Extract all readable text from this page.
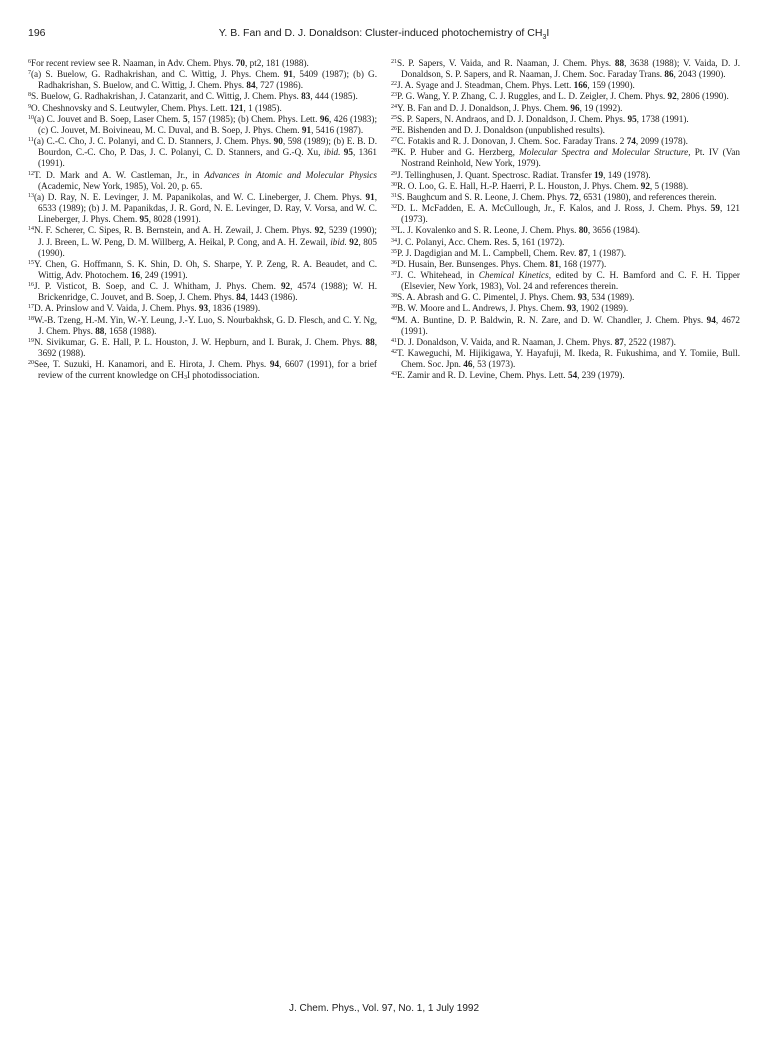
196	Y. B. Fan and D. J. Donaldson: Cluster-induced photochemistry of $CH_3I$

$^6$For recent review see R. Naaman, in Adv. Chem. Phys. 70, pt2, 181 (1988).

$^7$(a) S. Buelow, G. Radhakrishan, and C. Wittig, J. Phys. Chem. 91, 5409 (1987); (b) G. Radhakrishan, S. Buelow, and C. Wittig, J. Chem. Phys. 84, 727 (1986).

$^8$S. Buelow, G. Radhakrishan, J. Catanzarit, and C. Wittig, J. Chem. Phys. 83, 444 (1985).

$^9$O. Cheshnovsky and S. Leutwyler, Chem. Phys. Lett. 121, 1 (1985).

$^{10}$(a) C. Jouvet and B. Soep, Laser Chem. 5, 157 (1985); (b) Chem. Phys. Lett. 96, 426 (1983); (c) C. Jouvet, M. Boivineau, M. C. Duval, and B. Soep, J. Phys. Chem. 91, 5416 (1987).

$^{11}$(a) C.-C. Cho, J. C. Polanyi, and C. D. Stanners, J. Chem. Phys. 90, 598 (1989); (b) E. B. D. Bourdon, C.-C. Cho, P. Das, J. C. Polanyi, C. D. Stanners, and G.-Q. Xu, ibid. 95, 1361 (1991).

$^{12}$T. D. Mark and A. W. Castleman, Jr., in Advances in Atomic and Molecular Physics (Academic, New York, 1985), Vol. 20, p. 65.

$^{13}$(a) D. Ray, N. E. Levinger, J. M. Papanikolas, and W. C. Lineberger, J. Chem. Phys. 91, 6533 (1989); (b) J. M. Papanikdas, J. R. Gord, N. E. Levinger, D. Ray, V. Vorsa, and W. C. Lineberger, J. Phys. Chem. 95, 8028 (1991).

$^{14}$N. F. Scherer, C. Sipes, R. B. Bernstein, and A. H. Zewail, J. Chem. Phys. 92, 5239 (1990); J. J. Breen, L. W. Peng, D. M. Willberg, A. Heikal, P. Cong, and A. H. Zewail, ibid. 92, 805 (1990).

$^{15}$Y. Chen, G. Hoffmann, S. K. Shin, D. Oh, S. Sharpe, Y. P. Zeng, R. A. Beaudet, and C. Wittig, Adv. Photochem. 16, 249 (1991).

$^{16}$J. P. Visticot, B. Soep, and C. J. Whitham, J. Phys. Chem. 92, 4574 (1988); W. H. Brickenridge, C. Jouvet, and B. Soep, J. Chem. Phys. 84, 1443 (1986).

$^{17}$D. A. Prinslow and V. Vaida, J. Chem. Phys. 93, 1836 (1989).

$^{18}$W.-B. Tzeng, H.-M. Yin, W.-Y. Leung, J.-Y. Luo, S. Nourbakhsk, G. D. Flesch, and C. Y. Ng, J. Chem. Phys. 88, 1658 (1988).

$^{19}$N. Sivikumar, G. E. Hall, P. L. Houston, J. W. Hepburn, and I. Burak, J. Chem. Phys. 88, 3692 (1988).

$^{20}$See, T. Suzuki, H. Kanamori, and E. Hirota, J. Chem. Phys. 94, 6607 (1991), for a brief review of the current knowledge on $CH_3I$ photodissociation.

$^{21}$S. P. Sapers, V. Vaida, and R. Naaman, J. Chem. Phys. 88, 3638 (1988); V. Vaida, D. J. Donaldson, S. P. Sapers, and R. Naaman, J. Chem. Soc. Faraday Trans. 86, 2043 (1990).

$^{22}$J. A. Syage and J. Steadman, Chem. Phys. Lett. 166, 159 (1990).

$^{23}$P. G. Wang, Y. P. Zhang, C. J. Ruggles, and L. D. Zeigler, J. Chem. Phys. 92, 2806 (1990).

$^{24}$Y. B. Fan and D. J. Donaldson, J. Phys. Chem. 96, 19 (1992).

$^{25}$S. P. Sapers, N. Andraos, and D. J. Donaldson, J. Chem. Phys. 95, 1738 (1991).

$^{26}$E. Bishenden and D. J. Donaldson (unpublished results).

$^{27}$C. Fotakis and R. J. Donovan, J. Chem. Soc. Faraday Trans. 2 74, 2099 (1978).

$^{28}$K. P. Huber and G. Herzberg, Molecular Spectra and Molecular Structure, Pt. IV (Van Nostrand Reinhold, New York, 1979).

$^{29}$J. Tellinghusen, J. Quant. Spectrosc. Radiat. Transfer 19, 149 (1978).

$^{30}$R. O. Loo, G. E. Hall, H.-P. Haerri, P. L. Houston, J. Phys. Chem. 92, 5 (1988).

$^{31}$S. Baughcum and S. R. Leone, J. Chem. Phys. 72, 6531 (1980), and references therein.

$^{32}$D. L. McFadden, E. A. McCullough, Jr., F. Kalos, and J. Ross, J. Chem. Phys. 59, 121 (1973).

$^{33}$L. J. Kovalenko and S. R. Leone, J. Chem. Phys. 80, 3656 (1984).

$^{34}$J. C. Polanyi, Acc. Chem. Res. 5, 161 (1972).

$^{35}$P. J. Dagdigian and M. L. Campbell, Chem. Rev. 87, 1 (1987).

$^{36}$D. Husain, Ber. Bunsenges. Phys. Chem. 81, 168 (1977).

$^{37}$J. C. Whitehead, in Chemical Kinetics, edited by C. H. Bamford and C. F. H. Tipper (Elsevier, New York, 1983), Vol. 24 and references therein.

$^{38}$S. A. Abrash and G. C. Pimentel, J. Phys. Chem. 93, 534 (1989).

$^{39}$B. W. Moore and L. Andrews, J. Phys. Chem. 93, 1902 (1989).

$^{40}$M. A. Buntine, D. P. Baldwin, R. N. Zare, and D. W. Chandler, J. Chem. Phys. 94, 4672 (1991).

$^{41}$D. J. Donaldson, V. Vaida, and R. Naaman, J. Chem. Phys. 87, 2522 (1987).

$^{42}$T. Kaweguchi, M. Hijikigawa, Y. Hayafuji, M. Ikeda, R. Fukushima, and Y. Tomiie, Bull. Chem. Soc. Jpn. 46, 53 (1973).

$^{43}$E. Zamir and R. D. Levine, Chem. Phys. Lett. 54, 239 (1979).

J. Chem. Phys., Vol. 97, No. 1, 1 July 1992
